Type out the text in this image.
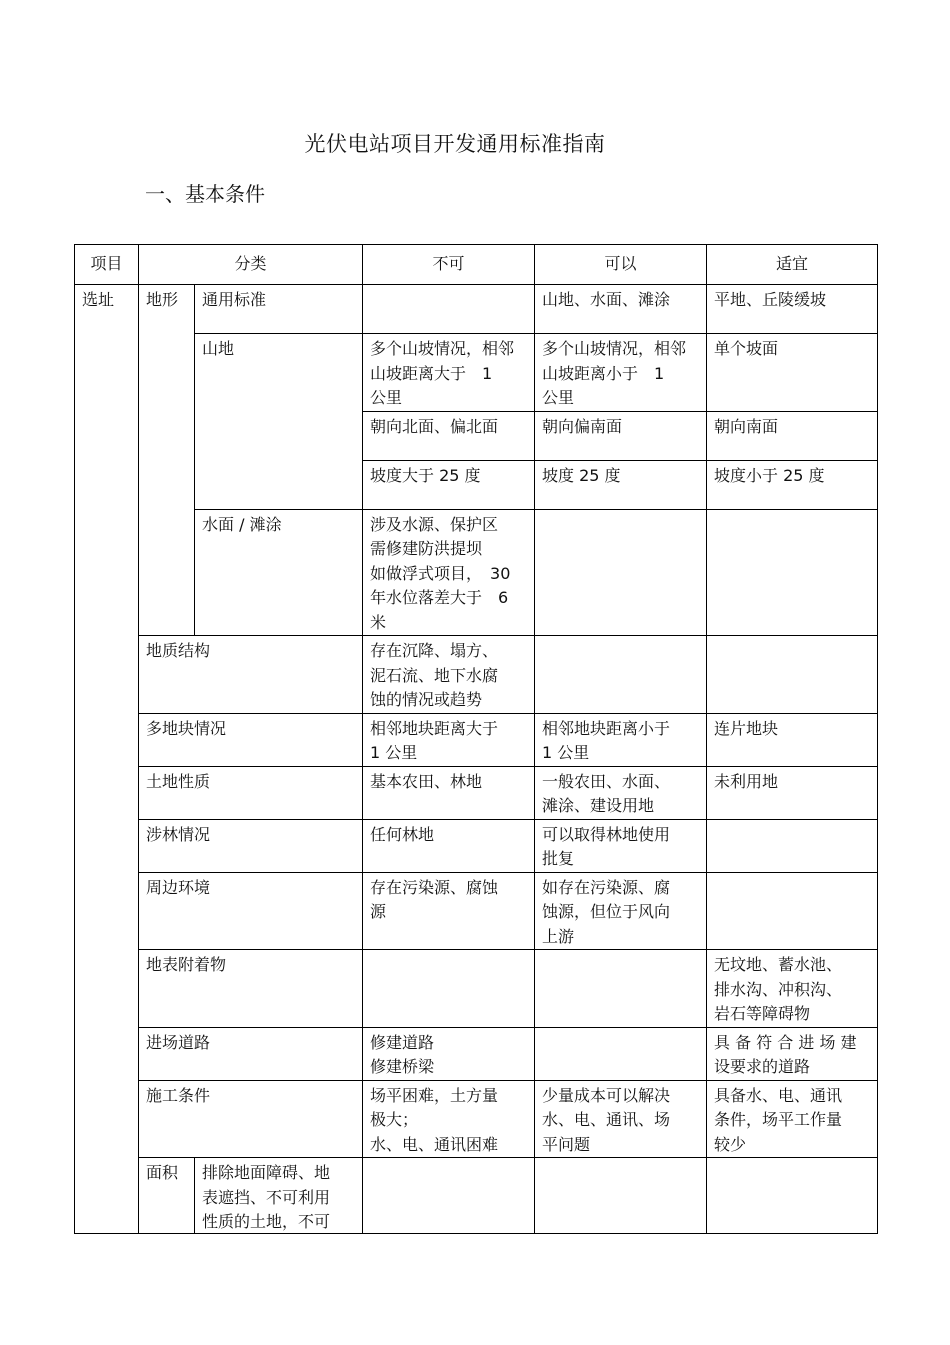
光伏电站项目开发通用标准指南
一、基本条件
项目	分类		不可	可以	适宜
选址	地形	通用标准		山地、水面、滩涂	平地、丘陵缓坡
		山地	多个山坡情况，相邻山坡距离大于　1
公里	多个山坡情况，相邻山坡距离小于　1
公里	单个坡面
			朝向北面、偏北面	朝向偏南面	朝向南面
			坡度大于 25 度	坡度 25 度	坡度小于 25 度
		水面 / 滩涂	涉及水源、保护区
需修建防洪提坝
如做浮式项目，　30
年水位落差大于　6
米		

	地质结构		存在沉降、塌方、
泥石流、地下水腐
蚀的情况或趋势		

	多地块情况		相邻地块距离大于
1 公里	相邻地块距离小于
1 公里	连片地块
	土地性质		基本农田、林地	一般农田、水面、
滩涂、建设用地	未利用地
	涉林情况		任何林地	可以取得林地使用
批复	

	周边环境		存在污染源、腐蚀
源	如存在污染源、腐
蚀源，但位于风向
上游	

	地表附着物				无坟地、蓄水池、
排水沟、冲积沟、
岩石等障碍物

	进场道路		修建道路
修建桥梁		具 备 符 合 进 场 建
设要求的道路

	施工条件		场平困难，土方量
极大；
水、电、通讯困难	少量成本可以解决
水、电、通讯、场
平问题	具备水、电、通讯
条件，场平工作量
较少

	面积	排除地面障碍、地
表遮挡、不可利用
性质的土地，不可			
